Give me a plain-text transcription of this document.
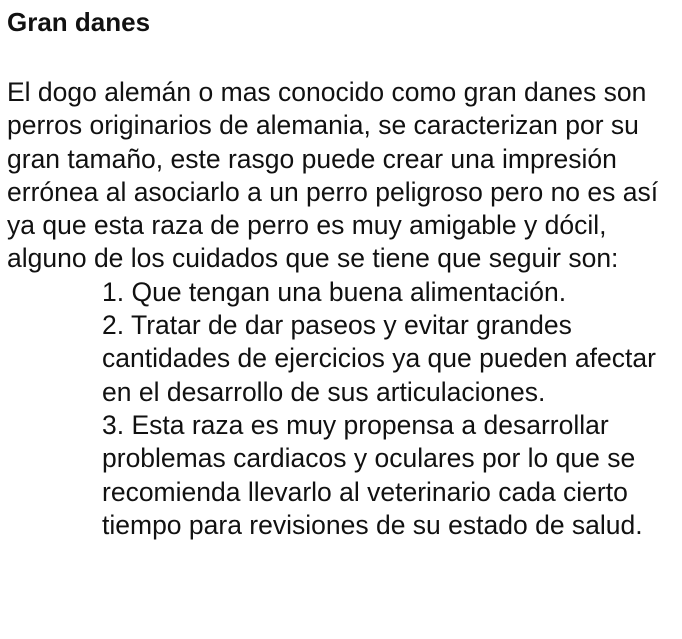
Gran danes

El dogo alemán o mas conocido como gran danes son perros originarios de alemania, se caracterizan por su gran tamaño, este rasgo puede crear una impresión errónea al asociarlo a un perro peligroso pero no es así ya que esta raza de perro es muy amigable y dócil, alguno de los cuidados que se tiene que seguir son:

1. Que tengan una buena alimentación.
2. Tratar de dar paseos y evitar grandes cantidades de ejercicios ya que pueden afectar en el desarrollo de sus articulaciones.
3. Esta raza es muy propensa a desarrollar problemas cardiacos y oculares por lo que se recomienda llevarlo al veterinario cada cierto tiempo para revisiones de su estado de salud.
